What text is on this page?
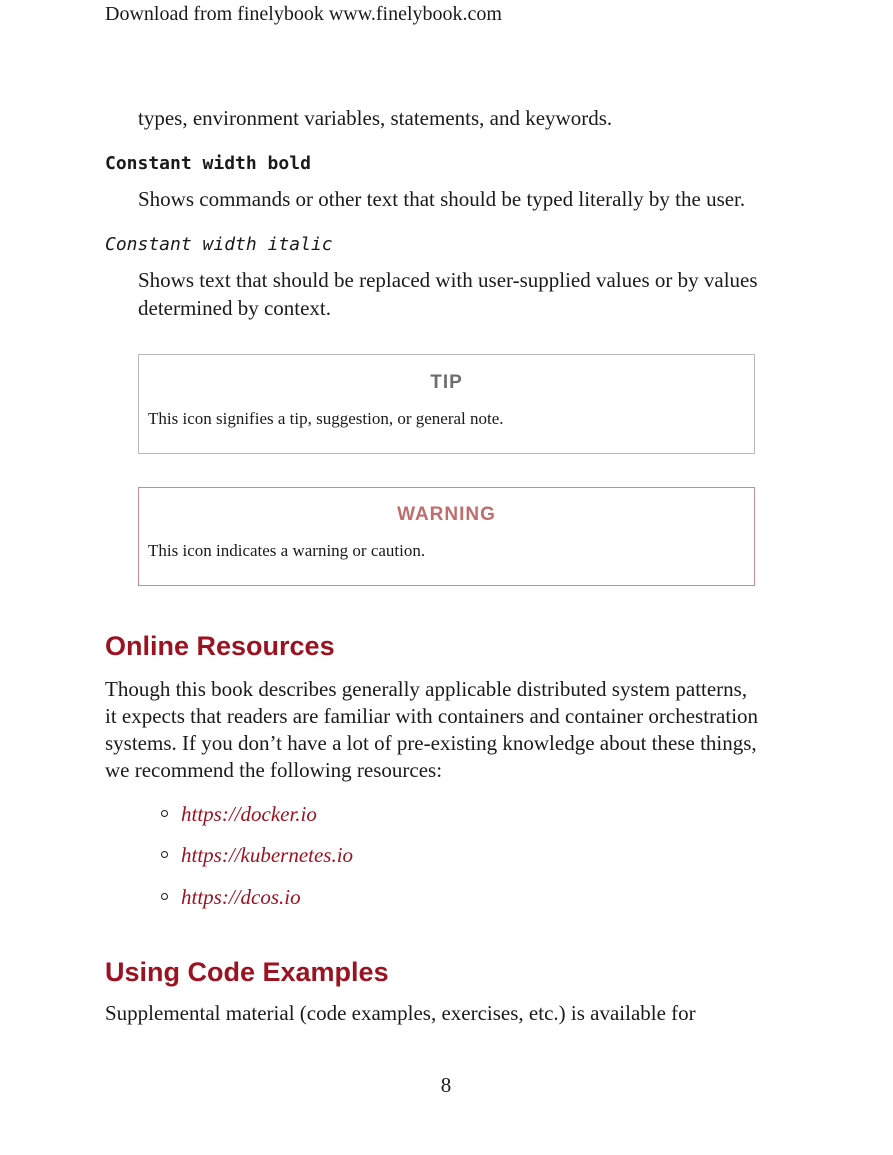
Download from finelybook www.finelybook.com
types, environment variables, statements, and keywords.
Constant width bold
Shows commands or other text that should be typed literally by the user.
Constant width italic
Shows text that should be replaced with user-supplied values or by values
determined by context.
TIP
This icon signifies a tip, suggestion, or general note.
WARNING
This icon indicates a warning or caution.
Online Resources
Though this book describes generally applicable distributed system patterns,
it expects that readers are familiar with containers and container orchestration
systems. If you don’t have a lot of pre-existing knowledge about these things,
we recommend the following resources:
https://docker.io
https://kubernetes.io
https://dcos.io
Using Code Examples
Supplemental material (code examples, exercises, etc.) is available for
8
